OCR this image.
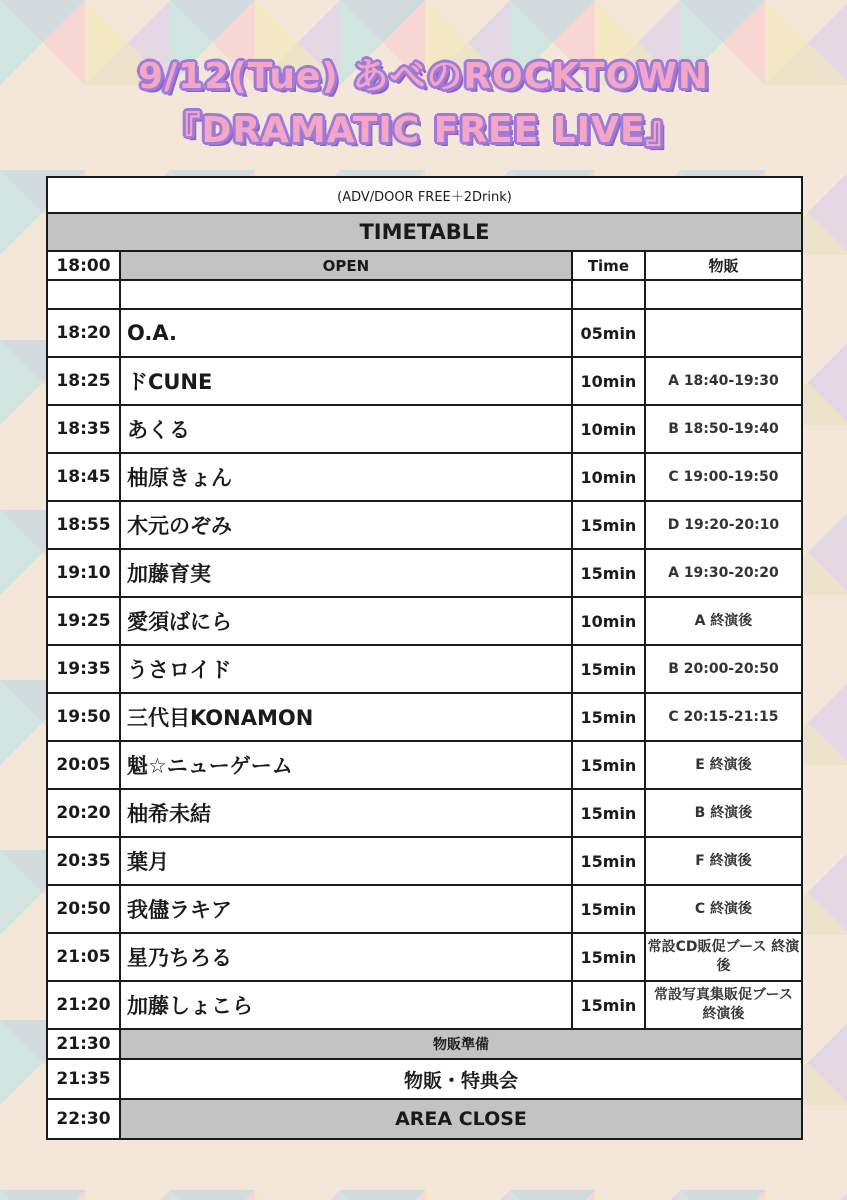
9/12(Tue) あべのROCKTOWN
『DRAMATIC FREE LIVE』
(ADV/DOOR FREE＋2Drink)			
TIMETABLE			
18:00	OPEN	Time	物販

18:20	O.A.	05min	
18:25	ドCUNE	10min	A 18:40-19:30
18:35	あくる	10min	B 18:50-19:40
18:45	柚原きょん	10min	C 19:00-19:50
18:55	木元のぞみ	15min	D 19:20-20:10
19:10	加藤育実	15min	A 19:30-20:20
19:25	愛須ばにら	10min	A 終演後
19:35	うさロイド	15min	B 20:00-20:50
19:50	三代目KONAMON	15min	C 20:15-21:15
20:05	魁☆ニューゲーム	15min	E 終演後
20:20	柚希未結	15min	B 終演後
20:35	葉月	15min	F 終演後
20:50	我儘ラキア	15min	C 終演後
21:05	星乃ちろる	15min	常設CD販促ブース 終演後
21:20	加藤しょこら	15min	常設写真集販促ブース 終演後
21:30	物販準備		
21:35	物販・特典会		
22:30	AREA CLOSE		
